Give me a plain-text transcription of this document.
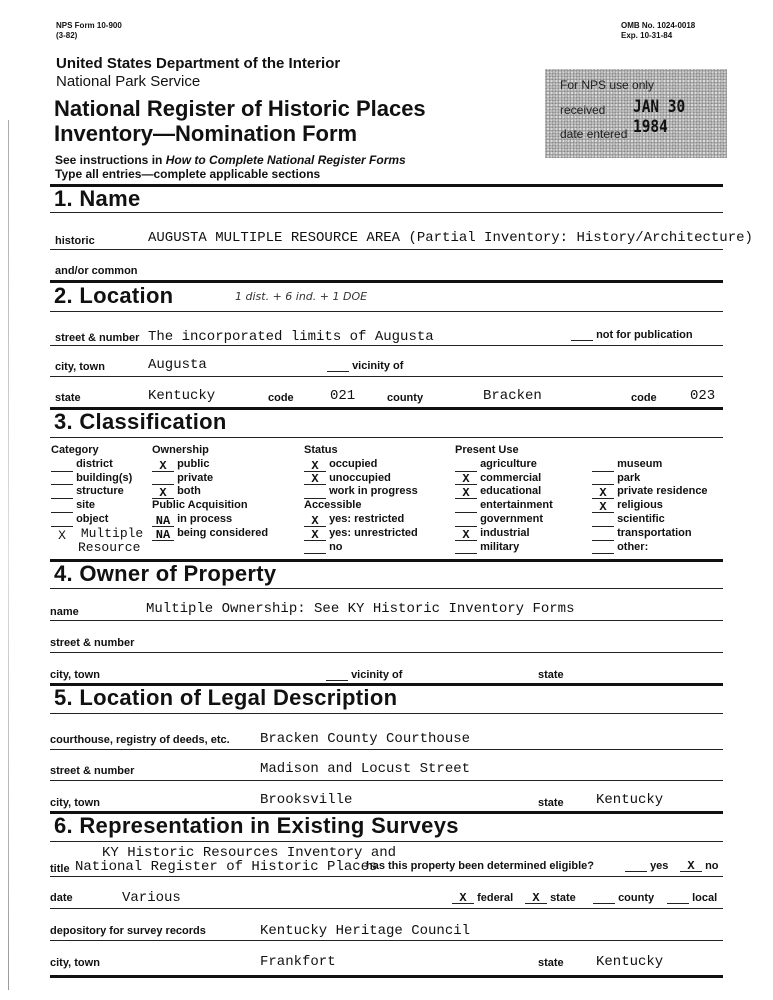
NPS Form 10-900
(3-82)
OMB No. 1024-0018
Exp. 10-31-84
United States Department of the Interior
National Park Service
National Register of Historic Places
Inventory—Nomination Form
See instructions in How to Complete National Register Forms
Type all entries—complete applicable sections
For NPS use only
received JAN 30 1984
date entered
1. Name
historic	AUGUSTA MULTIPLE RESOURCE AREA (Partial Inventory: History/Architecture)
and/or common
2. Location	1 dist. + 6 ind. + 1 DOE
street & number The incorporated limits of Augusta	not for publication
city, town	Augusta	vicinity of
state	Kentucky	code	021	county	Bracken	code 023
3. Classification
Category
district
building(s)
structure
site
object
X Multiple
Resource
Ownership
X public
private
X both
Public Acquisition
NA in process
NA being considered
Status
X occupied
X unoccupied
work in progress
Accessible
X yes: restricted
X yes: unrestricted
no
Present Use
agriculture
X commercial
X educational
entertainment
government
X industrial
military

museum
park
X private residence
X religious
scientific
transportation
other:
4. Owner of Property
name	Multiple Ownership: See KY Historic Inventory Forms
street & number
city, town	vicinity of	state
5. Location of Legal Description
courthouse, registry of deeds, etc. Bracken County Courthouse
street & number	Madison and Locust Street
city, town	Brooksville	state Kentucky
6. Representation in Existing Surveys
title
KY Historic Resources Inventory and
National Register of Historic Places
has this property been determined eligible?	yes	X no
date	Various	X federal	X state	county	local
depository for survey records	Kentucky Heritage Council
city, town	Frankfort	state Kentucky
